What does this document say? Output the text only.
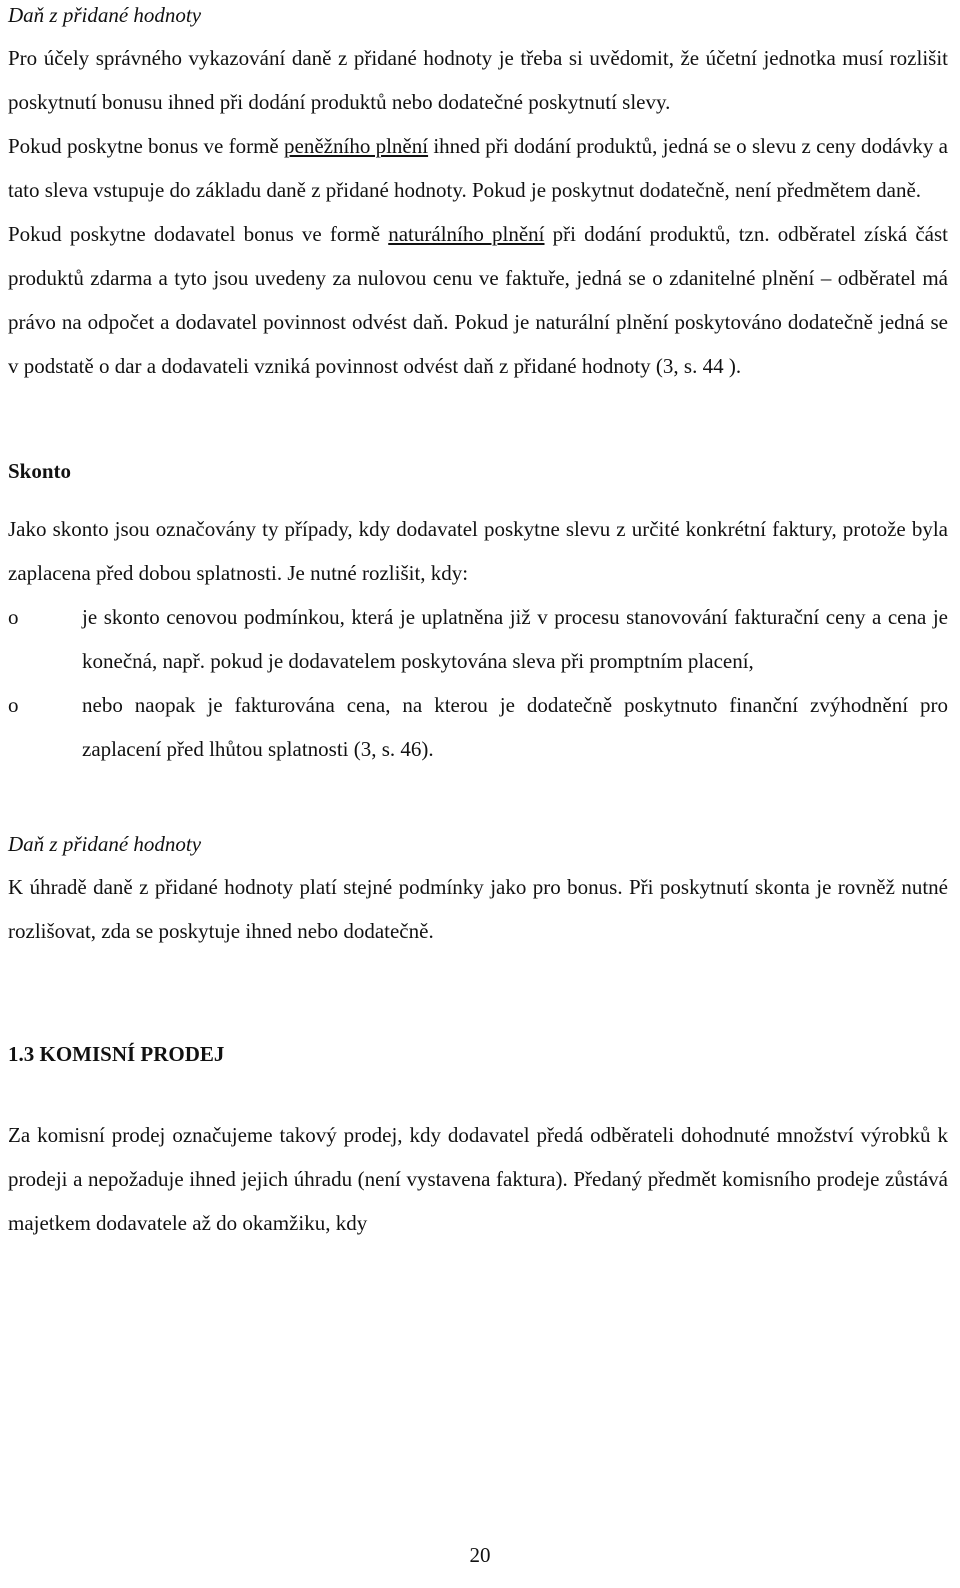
Daň z přidané hodnoty

Pro účely správného vykazování daně z přidané hodnoty je třeba si uvědomit, že účetní jednotka musí rozlišit poskytnutí bonusu ihned při dodání produktů nebo dodatečné poskytnutí slevy.

Pokud poskytne bonus ve formě peněžního plnění ihned při dodání produktů, jedná se o slevu z ceny dodávky a tato sleva vstupuje do základu daně z přidané hodnoty. Pokud je poskytnut dodatečně, není předmětem daně.

Pokud poskytne dodavatel bonus ve formě naturálního plnění při dodání produktů, tzn. odběratel získá část produktů zdarma a tyto jsou uvedeny za nulovou cenu ve faktuře, jedná se o zdanitelné plnění – odběratel má právo na odpočet a dodavatel povinnost odvést daň. Pokud je naturální plnění poskytováno dodatečně jedná se v podstatě o dar a dodavateli vzniká povinnost odvést daň z přidané hodnoty (3, s. 44 ).

Skonto

Jako skonto jsou označovány ty případy, kdy dodavatel poskytne slevu z určité konkrétní faktury, protože byla zaplacena před dobou splatnosti. Je nutné rozlišit, kdy:

o	je skonto cenovou podmínkou, která je uplatněna již v procesu stanovování fakturační ceny a cena je konečná, např. pokud je dodavatelem poskytována sleva při promptním placení,
o	nebo naopak je fakturována cena, na kterou je dodatečně poskytnuto finanční zvýhodnění pro zaplacení před lhůtou splatnosti (3, s. 46).

Daň z přidané hodnoty

K úhradě daně z přidané hodnoty platí stejné podmínky jako pro bonus. Při poskytnutí skonta je rovněž nutné rozlišovat, zda se poskytuje ihned nebo dodatečně.

1.3 KOMISNÍ PRODEJ

Za komisní prodej označujeme takový prodej, kdy dodavatel předá odběrateli dohodnuté množství výrobků k prodeji a nepožaduje ihned jejich úhradu (není vystavena faktura). Předaný předmět komisního prodeje zůstává majetkem dodavatele až do okamžiku, kdy

20
